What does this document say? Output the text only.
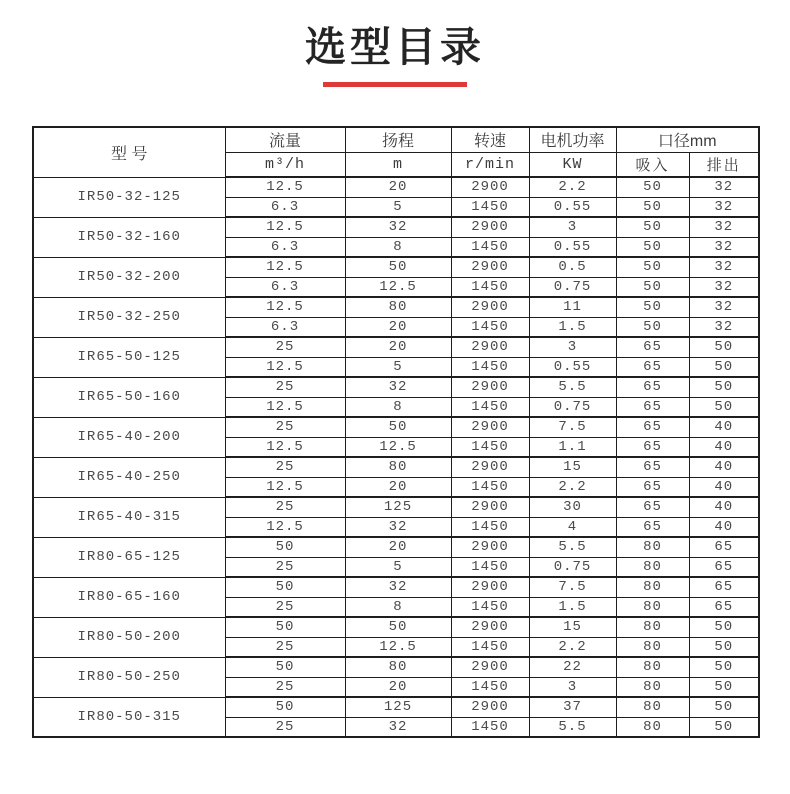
选型目录
型 号	流量	扬程	转速	电机功率	口径mm	
	m³/h	m	r/min	KW	吸入	排出
IR50-32-125	12.5	20	2900	2.2	50	32
	6.3	5	1450	0.55	50	32
IR50-32-160	12.5	32	2900	3	50	32
	6.3	8	1450	0.55	50	32
IR50-32-200	12.5	50	2900	0.5	50	32
	6.3	12.5	1450	0.75	50	32
IR50-32-250	12.5	80	2900	11	50	32
	6.3	20	1450	1.5	50	32
IR65-50-125	25	20	2900	3	65	50
	12.5	5	1450	0.55	65	50
IR65-50-160	25	32	2900	5.5	65	50
	12.5	8	1450	0.75	65	50
IR65-40-200	25	50	2900	7.5	65	40
	12.5	12.5	1450	1.1	65	40
IR65-40-250	25	80	2900	15	65	40
	12.5	20	1450	2.2	65	40
IR65-40-315	25	125	2900	30	65	40
	12.5	32	1450	4	65	40
IR80-65-125	50	20	2900	5.5	80	65
	25	5	1450	0.75	80	65
IR80-65-160	50	32	2900	7.5	80	65
	25	8	1450	1.5	80	65
IR80-50-200	50	50	2900	15	80	50
	25	12.5	1450	2.2	80	50
IR80-50-250	50	80	2900	22	80	50
	25	20	1450	3	80	50
IR80-50-315	50	125	2900	37	80	50
	25	32	1450	5.5	80	50
